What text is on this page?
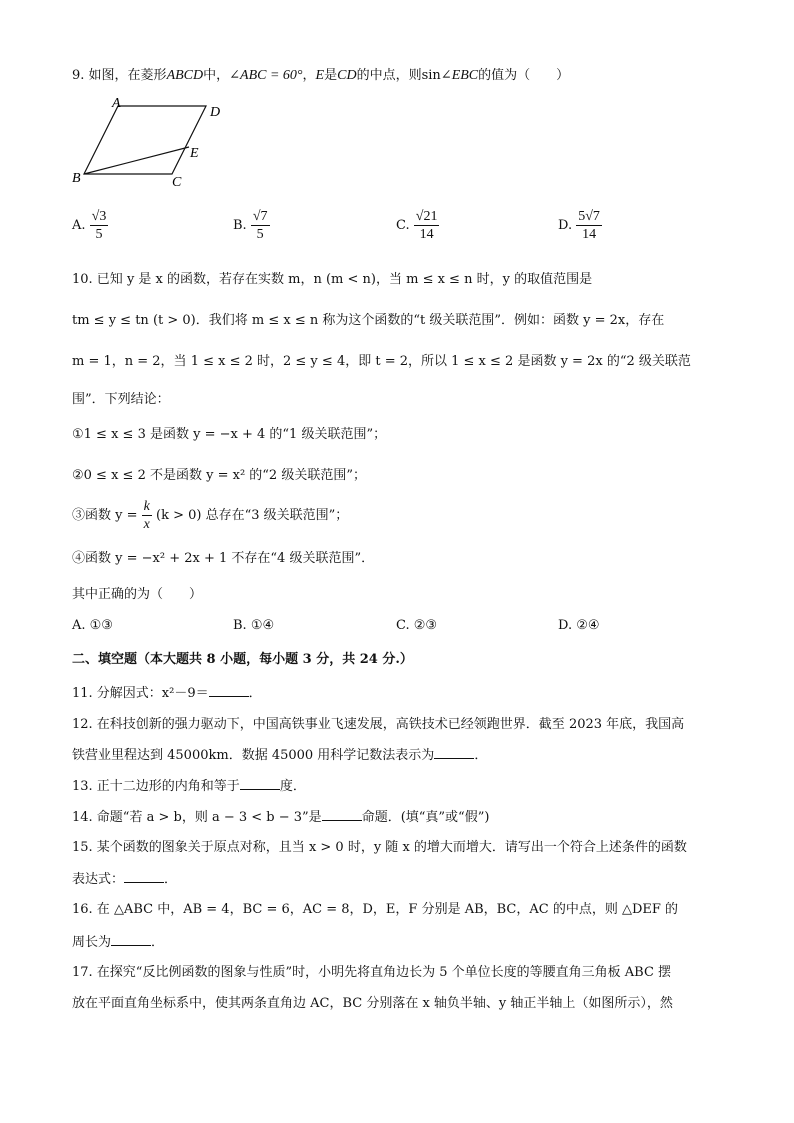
9. 如图，在菱形ABCD中，∠ABC = 60°，E是CD的中点，则sin∠EBC的值为（　　）
A
D
E
B	C
A. $\frac{√3}{5}$	B. $\frac{√7}{5}$	C. $\frac{√21}{14}$	D. $\frac{5√7}{14}$
10. 已知 y 是 x 的函数，若存在实数 m，n (m < n)，当 m ≤ x ≤ n 时，y 的取值范围是
tm ≤ y ≤ tn (t > 0)．我们将 m ≤ x ≤ n 称为这个函数的“t 级关联范围”．例如：函数 y = 2x，存在
m = 1，n = 2，当 1 ≤ x ≤ 2 时，2 ≤ y ≤ 4，即 t = 2，所以 1 ≤ x ≤ 2 是函数 y = 2x 的“2 级关联范
围”．下列结论：
①1 ≤ x ≤ 3 是函数 y = −x + 4 的“1 级关联范围”；
②0 ≤ x ≤ 2 不是函数 y = x² 的“2 级关联范围”；
③函数 $y = \frac{k}{x} (k > 0)$ 总存在“3 级关联范围”；
④函数 y = −x² + 2x + 1 不存在“4 级关联范围”．
其中正确的为（　　）
A. ①③	B. ①④	C. ②③	D. ②④
二、填空题（本大题共 8 小题，每小题 3 分，共 24 分.）
11. 分解因式：x²－9＝	．
12. 在科技创新的强力驱动下，中国高铁事业飞速发展，高铁技术已经领跑世界．截至 2023 年底，我国高
铁营业里程达到 45000km．数据 45000 用科学记数法表示为	．
13. 正十二边形的内角和等于	度．
14. 命题“若 a > b，则 a − 3 < b − 3”是	命题．(填“真”或“假”)
15. 某个函数的图象关于原点对称，且当 x > 0 时，y 随 x 的增大而增大．请写出一个符合上述条件的函数
表达式：	．
16. 在 △ABC 中，AB = 4，BC = 6，AC = 8，D，E，F 分别是 AB，BC，AC 的中点，则 △DEF 的
周长为	．
17. 在探究“反比例函数的图象与性质”时，小明先将直角边长为 5 个单位长度的等腰直角三角板 ABC 摆
放在平面直角坐标系中，使其两条直角边 AC，BC 分别落在 x 轴负半轴、y 轴正半轴上（如图所示），然
